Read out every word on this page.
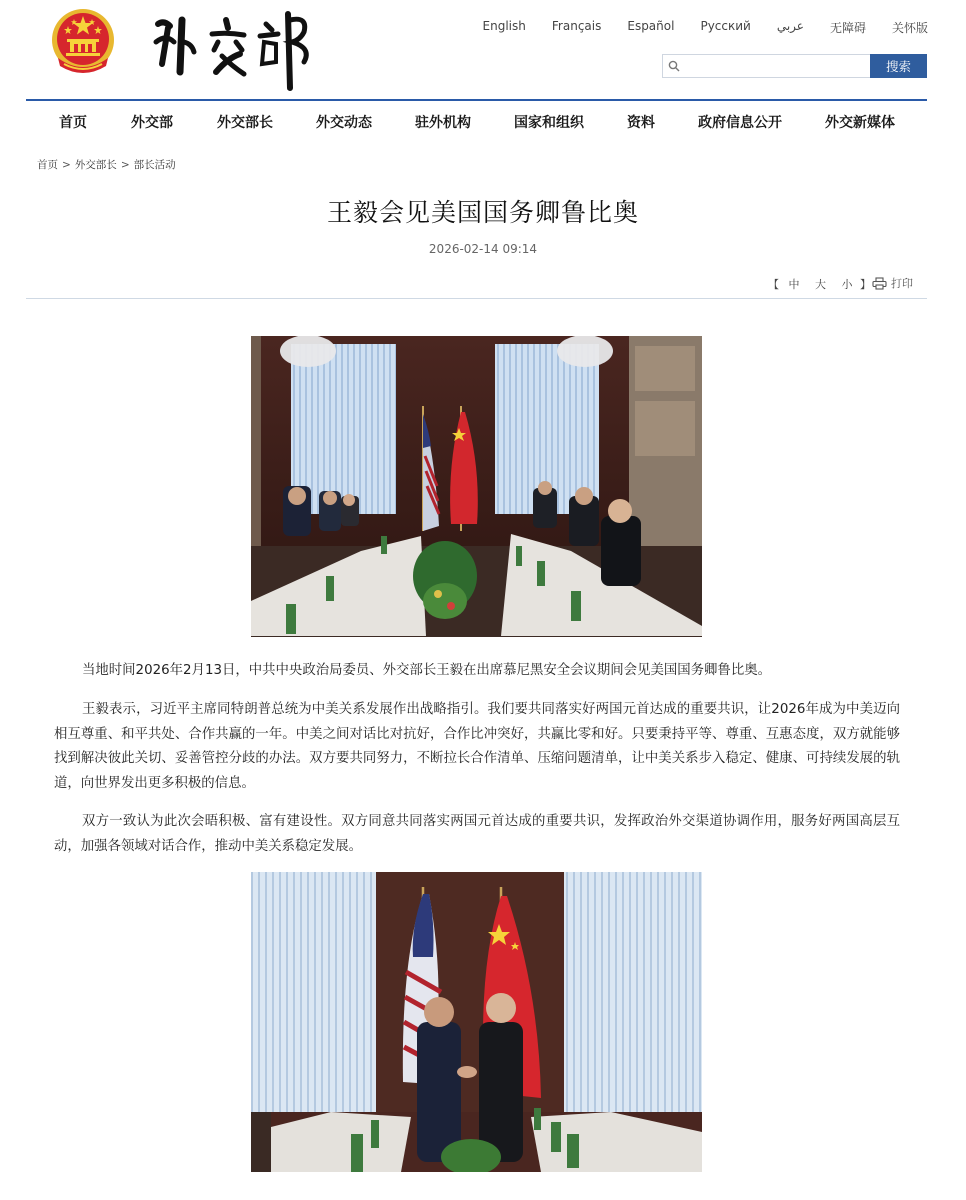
English Français Español Русский عربي 无障碍 关怀版
搜索
首页	外交部	外交部长	外交动态	驻外机构	国家和组织	资料	政府信息公开	外交新媒体
首页 > 外交部长 > 部长活动
王毅会见美国国务卿鲁比奥
2026-02-14 09:14
【 中 大 小 】 打印

当地时间2026年2月13日，中共中央政治局委员、外交部长王毅在出席慕尼黑安全会议期间会见美国国务卿鲁比奥。

王毅表示，习近平主席同特朗普总统为中美关系发展作出战略指引。我们要共同落实好两国元首达成的重要共识，让2026年成为中美迈向相互尊重、和平共处、合作共赢的一年。中美之间对话比对抗好，合作比冲突好，共赢比零和好。只要秉持平等、尊重、互惠态度，双方就能够找到解决彼此关切、妥善管控分歧的办法。双方要共同努力，不断拉长合作清单、压缩问题清单，让中美关系步入稳定、健康、可持续发展的轨道，向世界发出更多积极的信息。

双方一致认为此次会晤积极、富有建设性。双方同意共同落实两国元首达成的重要共识，发挥政治外交渠道协调作用，服务好两国高层互动，加强各领域对话合作，推动中美关系稳定发展。
